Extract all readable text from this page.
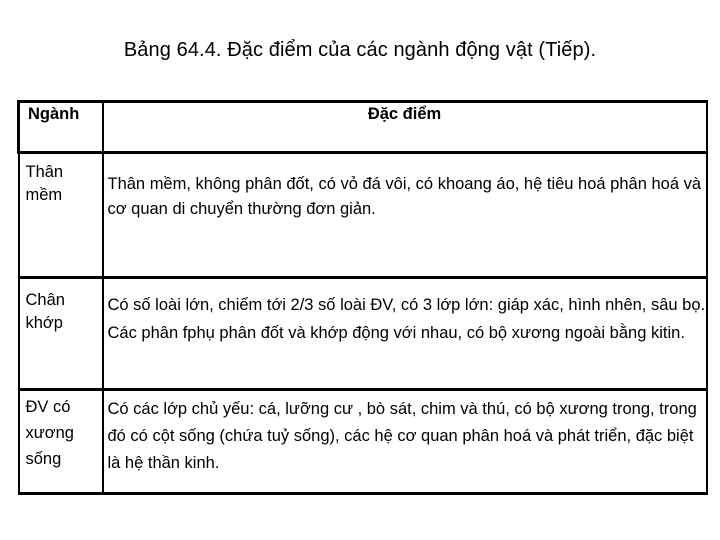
Bảng 64.4. Đặc điểm của các ngành động vật (Tiếp).
Ngành	Đặc điểm

Thân mềm	Thân mềm, không phân đốt, có vỏ đá vôi, có khoang áo, hệ tiêu hoá phân hoá và cơ quan di chuyển thường đơn giản.

Chân khớp	Có số loài lớn, chiếm tới 2/3 số loài ĐV, có 3 lớp lớn: giáp xác, hình nhên, sâu bọ. Các phân fphụ phân đốt và khớp động với nhau, có bộ xương ngoài bằng kitin.

ĐV có xương sống	Có các lớp chủ yếu: cá, lưỡng cư , bò sát, chim và thú, có bộ xương trong, trong đó có cột sống (chứa tuỷ sống), các hệ cơ quan phân hoá và phát triển, đặc biệt là hệ thần kinh.
